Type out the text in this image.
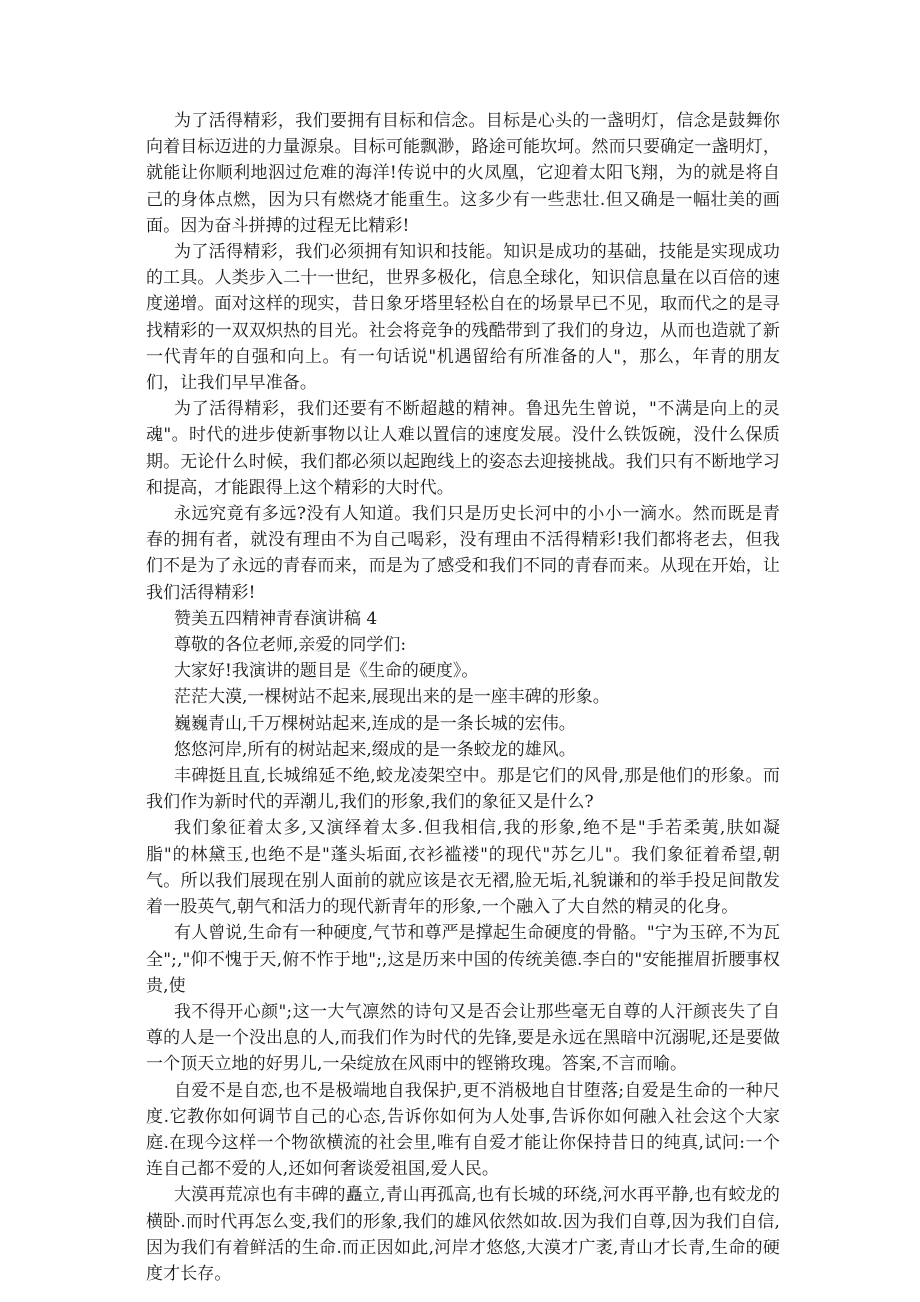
为了活得精彩，我们要拥有目标和信念。目标是心头的一盏明灯，信念是鼓舞你向着目标迈进的力量源泉。目标可能飘渺，路途可能坎坷。然而只要确定一盏明灯，就能让你顺利地泅过危难的海洋!传说中的火凤凰，它迎着太阳飞翔，为的就是将自己的身体点燃，因为只有燃烧才能重生。这多少有一些悲壮.但又确是一幅壮美的画面。因为奋斗拼搏的过程无比精彩!

为了活得精彩，我们必须拥有知识和技能。知识是成功的基础，技能是实现成功的工具。人类步入二十一世纪，世界多极化，信息全球化，知识信息量在以百倍的速度递增。面对这样的现实，昔日象牙塔里轻松自在的场景早已不见，取而代之的是寻找精彩的一双双炽热的目光。社会将竞争的残酷带到了我们的身边，从而也造就了新一代青年的自强和向上。有一句话说"机遇留给有所准备的人"，那么，年青的朋友们，让我们早早准备。

为了活得精彩，我们还要有不断超越的精神。鲁迅先生曾说，"不满是向上的灵魂"。时代的进步使新事物以让人难以置信的速度发展。没什么铁饭碗，没什么保质期。无论什么时候，我们都必须以起跑线上的姿态去迎接挑战。我们只有不断地学习和提高，才能跟得上这个精彩的大时代。

永远究竟有多远?没有人知道。我们只是历史长河中的小小一滴水。然而既是青春的拥有者，就没有理由不为自己喝彩，没有理由不活得精彩!我们都将老去，但我们不是为了永远的青春而来，而是为了感受和我们不同的青春而来。从现在开始，让我们活得精彩!

赞美五四精神青春演讲稿 4

尊敬的各位老师,亲爱的同学们:

大家好!我演讲的题目是《生命的硬度》。

茫茫大漠,一棵树站不起来,展现出来的是一座丰碑的形象。

巍巍青山,千万棵树站起来,连成的是一条长城的宏伟。

悠悠河岸,所有的树站起来,缀成的是一条蛟龙的雄风。

丰碑挺且直,长城绵延不绝,蛟龙凌架空中。那是它们的风骨,那是他们的形象。而我们作为新时代的弄潮儿,我们的形象,我们的象征又是什么?

我们象征着太多,又演绎着太多.但我相信,我的形象,绝不是"手若柔荑,肤如凝脂"的林黛玉,也绝不是"蓬头垢面,衣衫褴褛"的现代"苏乞儿"。我们象征着希望,朝气。所以我们展现在别人面前的就应该是衣无褶,脸无垢,礼貌谦和的举手投足间散发着一股英气,朝气和活力的现代新青年的形象,一个融入了大自然的精灵的化身。

有人曾说,生命有一种硬度,气节和尊严是撑起生命硬度的骨骼。"宁为玉碎,不为瓦全";,"仰不愧于天,俯不怍于地";,这是历来中国的传统美德.李白的"安能摧眉折腰事权贵,使

我不得开心颜";这一大气凛然的诗句又是否会让那些毫无自尊的人汗颜丧失了自尊的人是一个没出息的人,而我们作为时代的先锋,要是永远在黑暗中沉溺呢,还是要做一个顶天立地的好男儿,一朵绽放在风雨中的铿锵玫瑰。答案,不言而喻。

自爱不是自恋,也不是极端地自我保护,更不消极地自甘堕落;自爱是生命的一种尺度.它教你如何调节自己的心态,告诉你如何为人处事,告诉你如何融入社会这个大家庭.在现今这样一个物欲横流的社会里,唯有自爱才能让你保持昔日的纯真,试问:一个连自己都不爱的人,还如何奢谈爱祖国,爱人民。

大漠再荒凉也有丰碑的矗立,青山再孤高,也有长城的环绕,河水再平静,也有蛟龙的横卧.而时代再怎么变,我们的形象,我们的雄风依然如故.因为我们自尊,因为我们自信,因为我们有着鲜活的生命.而正因如此,河岸才悠悠,大漠才广袤,青山才长青,生命的硬度才长存。
